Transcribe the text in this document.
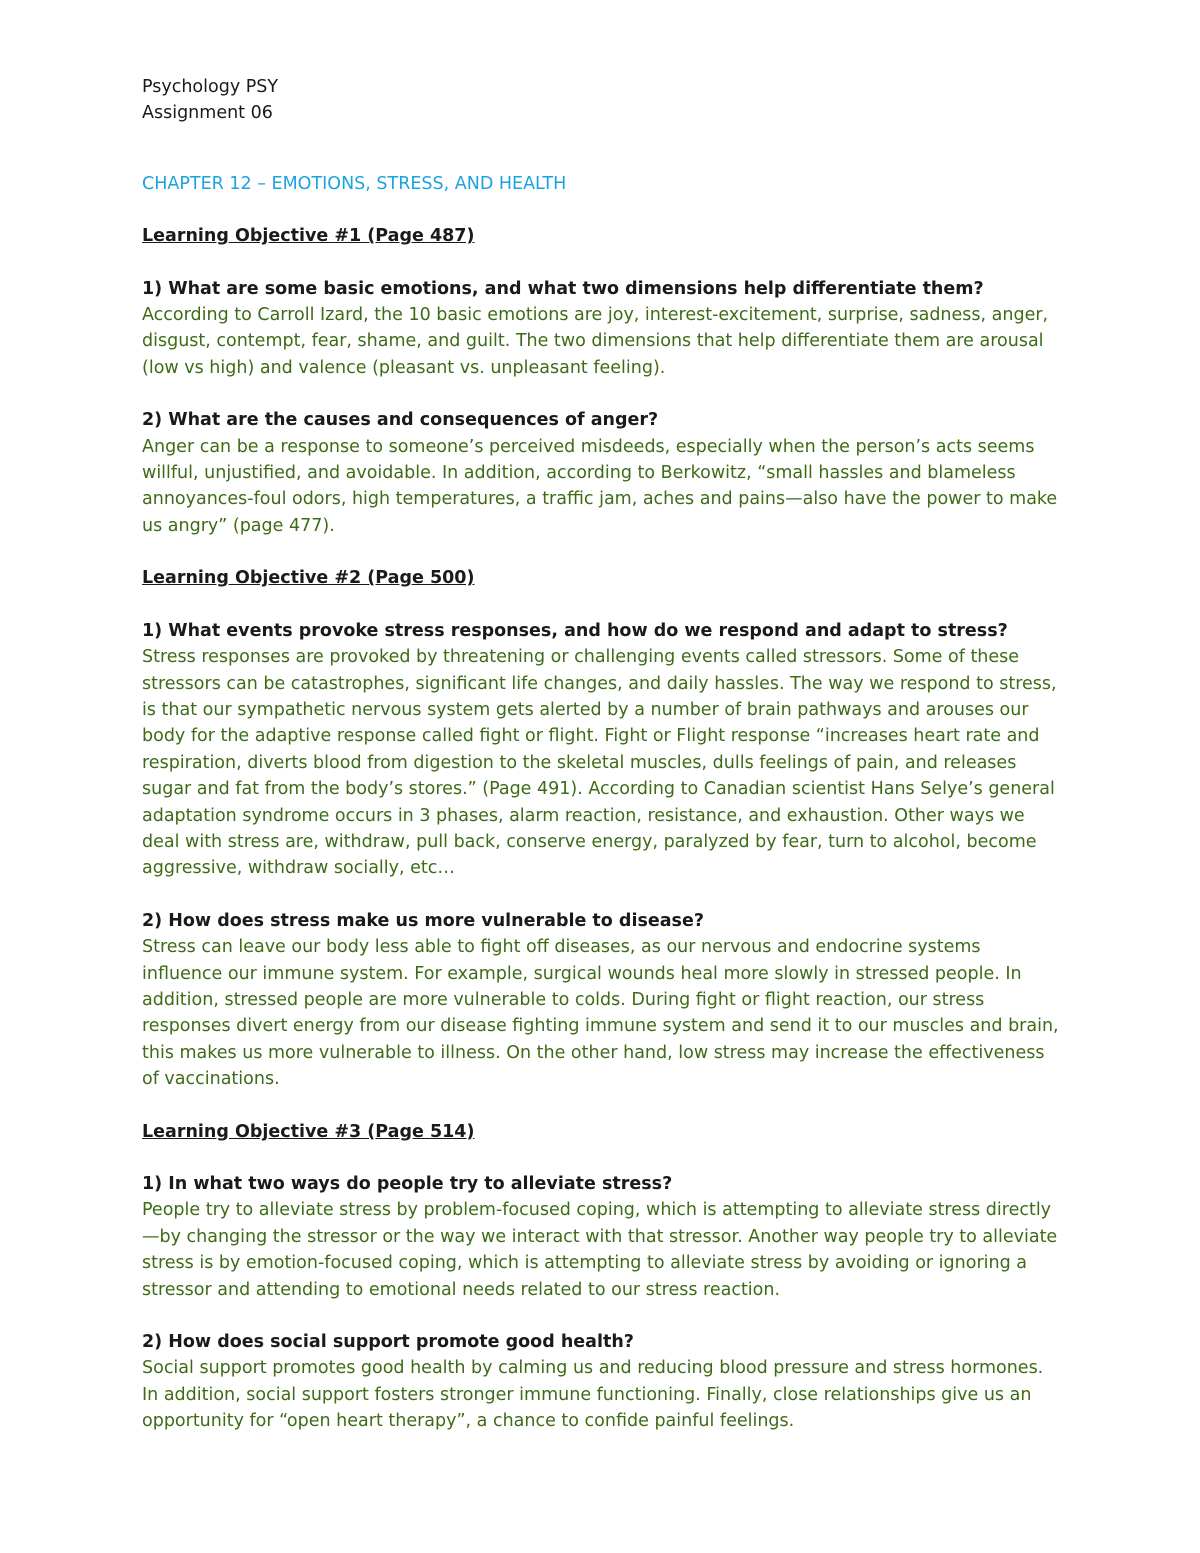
Psychology PSY

Assignment 06

CHAPTER 12 – EMOTIONS, STRESS, AND HEALTH

Learning Objective #1 (Page 487)

1) What are some basic emotions, and what two dimensions help differentiate them?

According to Carroll Izard, the 10 basic emotions are joy, interest-excitement, surprise, sadness, anger, disgust, contempt, fear, shame, and guilt. The two dimensions that help differentiate them are arousal (low vs high) and valence (pleasant vs. unpleasant feeling).

2) What are the causes and consequences of anger?

Anger can be a response to someone’s perceived misdeeds, especially when the person’s acts seems willful, unjustified, and avoidable. In addition, according to Berkowitz, “small hassles and blameless annoyances-foul odors, high temperatures, a traffic jam, aches and pains—also have the power to make us angry” (page 477).

Learning Objective #2 (Page 500)

1) What events provoke stress responses, and how do we respond and adapt to stress?

Stress responses are provoked by threatening or challenging events called stressors. Some of these stressors can be catastrophes, significant life changes, and daily hassles. The way we respond to stress, is that our sympathetic nervous system gets alerted by a number of brain pathways and arouses our body for the adaptive response called fight or flight. Fight or Flight response “increases heart rate and respiration, diverts blood from digestion to the skeletal muscles, dulls feelings of pain, and releases sugar and fat from the body’s stores.” (Page 491). According to Canadian scientist Hans Selye’s general adaptation syndrome occurs in 3 phases, alarm reaction, resistance, and exhaustion. Other ways we deal with stress are, withdraw, pull back, conserve energy, paralyzed by fear, turn to alcohol, become aggressive, withdraw socially, etc…

2) How does stress make us more vulnerable to disease?

Stress can leave our body less able to fight off diseases, as our nervous and endocrine systems influence our immune system. For example, surgical wounds heal more slowly in stressed people. In addition, stressed people are more vulnerable to colds. During fight or flight reaction, our stress responses divert energy from our disease fighting immune system and send it to our muscles and brain, this makes us more vulnerable to illness. On the other hand, low stress may increase the effectiveness of vaccinations.

Learning Objective #3 (Page 514)

1) In what two ways do people try to alleviate stress?

People try to alleviate stress by problem-focused coping, which is attempting to alleviate stress directly—by changing the stressor or the way we interact with that stressor. Another way people try to alleviate stress is by emotion-focused coping, which is attempting to alleviate stress by avoiding or ignoring a stressor and attending to emotional needs related to our stress reaction.

2) How does social support promote good health?

Social support promotes good health by calming us and reducing blood pressure and stress hormones. In addition, social support fosters stronger immune functioning. Finally, close relationships give us an opportunity for “open heart therapy”, a chance to confide painful feelings.
